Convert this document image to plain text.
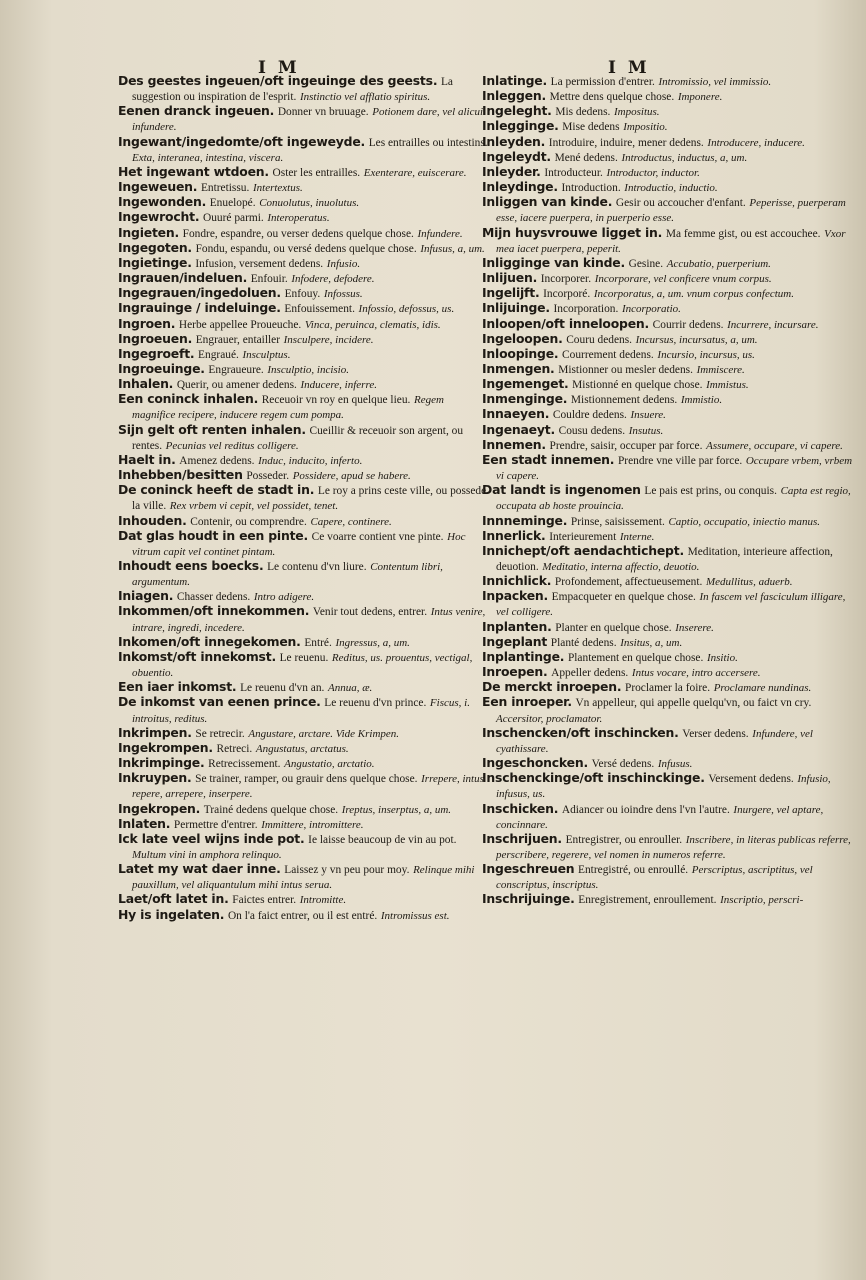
I M	I M

Des geestes ingeuen/oft ingeuinge des geests. La suggestion ou inspiration de l'esprit. Instinctio vel afflatio spiritus.

Eenen dranck ingeuen. Donner vn bruuage. Potionem dare, vel alicui infundere.

Ingewant/ingedomte/oft ingeweyde. Les entrailles ou intestins. Exta, interanea, intestina, viscera.

Het ingewant wtdoen. Oster les entrailles. Exenterare, euiscerare.

Ingeweuen. Entretissu. Intertextus.

Ingewonden. Enuelopé. Conuolutus, inuolutus.

Ingewrocht. Ouuré parmi. Interoperatus.

Ingieten. Fondre, espandre, ou verser dedens quelque chose. Infundere.

Ingegoten. Fondu, espandu, ou versé dedens quelque chose. Infusus, a, um.

Ingietinge. Infusion, versement dedens. Infusio.

Ingrauen/indeluen. Enfouir. Infodere, defodere.

Ingegrauen/ingedoluen. Enfouy. Infossus.

Ingrauinge / indeluinge. Enfouissement. Infossio, defossus, us.

Ingroen. Herbe appellee Proueuche. Vinca, peruinca, clematis, idis.

Ingroeuen. Engrauer, entailler Insculpere, incidere.

Ingegroeft. Engraué. Insculptus.

Ingroeuinge. Engraueure. Insculptio, incisio.

Inhalen. Querir, ou amener dedens. Inducere, inferre.

Een coninck inhalen. Receuoir vn roy en quelque lieu. Regem magnifice recipere, inducere regem cum pompa.

Sijn gelt oft renten inhalen. Cueillir & receuoir son argent, ou rentes. Pecunias vel reditus colligere.

Haelt in. Amenez dedens. Induc, inducito, inferto.

Inhebben/besitten Posseder. Possidere, apud se habere.

De coninck heeft de stadt in. Le roy a prins ceste ville, ou possede la ville. Rex vrbem vi cepit, vel possidet, tenet.

Inhouden. Contenir, ou comprendre. Capere, continere.

Dat glas houdt in een pinte. Ce voarre contient vne pinte. Hoc vitrum capit vel continet pintam.

Inhoudt eens boecks. Le contenu d'vn liure. Contentum libri, argumentum.

Iniagen. Chasser dedens. Intro adigere.

Inkommen/oft innekommen. Venir tout dedens, entrer. Intus venire, intrare, ingredi, incedere.

Inkomen/oft innegekomen. Entré. Ingressus, a, um.

Inkomst/oft innekomst. Le reuenu. Reditus, us. prouentus, vectigal, obuentio.

Een iaer inkomst. Le reuenu d'vn an. Annua, æ.

De inkomst van eenen prince. Le reuenu d'vn prince. Fiscus, i. introitus, reditus.

Inkrimpen. Se retrecir. Angustare, arctare. Vide Krimpen.

Ingekrompen. Retreci. Angustatus, arctatus.

Inkrimpinge. Retrecissement. Angustatio, arctatio.

Inkruypen. Se trainer, ramper, ou grauir dens quelque chose. Irrepere, intus repere, arrepere, inserpere.

Ingekropen. Trainé dedens quelque chose. Ireptus, inserptus, a, um.

Inlaten. Permettre d'entrer. Immittere, intromittere.

Ick late veel wijns inde pot. Ie laisse beaucoup de vin au pot. Multum vini in amphora relinquo.

Latet my wat daer inne. Laissez y vn peu pour moy. Relinque mihi pauxillum, vel aliquantulum mihi intus serua.

Laet/oft latet in. Faictes entrer. Intromitte.

Hy is ingelaten. On l'a faict entrer, ou il est entré. Intromissus est.

Inlatinge. La permission d'entrer. Intromissio, vel immissio.

Inleggen. Mettre dens quelque chose. Imponere.

Ingeleght. Mis dedens. Impositus.

Inlegginge. Mise dedens Impositio.

Inleyden. Introduire, induire, mener dedens. Introducere, inducere.

Ingeleydt. Mené dedens. Introductus, inductus, a, um.

Inleyder. Introducteur. Introductor, inductor.

Inleydinge. Introduction. Introductio, inductio.

Inliggen van kinde. Gesir ou accoucher d'enfant. Peperisse, puerperam esse, iacere puerpera, in puerperio esse.

Mijn huysvrouwe ligget in. Ma femme gist, ou est accouchee. Vxor mea iacet puerpera, peperit.

Inligginge van kinde. Gesine. Accubatio, puerperium.

Inlijuen. Incorporer. Incorporare, vel conficere vnum corpus.

Ingelijft. Incorporé. Incorporatus, a, um. vnum corpus confectum.

Inlijuinge. Incorporation. Incorporatio.

Inloopen/oft inneloopen. Courrir dedens. Incurrere, incursare.

Ingeloopen. Couru dedens. Incursus, incursatus, a, um.

Inloopinge. Courrement dedens. Incursio, incursus, us.

Inmengen. Mistionner ou mesler dedens. Immiscere.

Ingemenget. Mistionné en quelque chose. Immistus.

Inmenginge. Mistionnement dedens. Immistio.

Innaeyen. Couldre dedens. Insuere.

Ingenaeyt. Cousu dedens. Insutus.

Innemen. Prendre, saisir, occuper par force. Assumere, occupare, vi capere.

Een stadt innemen. Prendre vne ville par force. Occupare vrbem, vrbem vi capere.

Dat landt is ingenomen Le pais est prins, ou conquis. Capta est regio, occupata ab hoste prouincia.

Innneminge. Prinse, saisissement. Captio, occupatio, iniectio manus.

Innerlick. Interieurement Interne.

Innichept/oft aendachtichept. Meditation, interieure affection, deuotion. Meditatio, interna affectio, deuotio.

Innichlick. Profondement, affectueusement. Medullitus, aduerb.

Inpacken. Empacqueter en quelque chose. In fascem vel fasciculum illigare, vel colligere.

Inplanten. Planter en quelque chose. Inserere.

Ingeplant Planté dedens. Insitus, a, um.

Inplantinge. Plantement en quelque chose. Insitio.

Inroepen. Appeller dedens. Intus vocare, intro accersere.

De merckt inroepen. Proclamer la foire. Proclamare nundinas.

Een inroeper. Vn appelleur, qui appelle quelqu'vn, ou faict vn cry. Accersitor, proclamator.

Inschencken/oft inschincken. Verser dedens. Infundere, vel cyathissare.

Ingeschoncken. Versé dedens. Infusus.

Inschenckinge/oft inschinckinge. Versement dedens. Infusio, infusus, us.

Inschicken. Adiancer ou ioindre dens l'vn l'autre. Inurgere, vel aptare, concinnare.

Inschrijuen. Entregistrer, ou enrouller. Inscribere, in literas publicas referre, perscribere, regerere, vel nomen in numeros referre.

Ingeschreuen Entregistré, ou enroullé. Perscriptus, ascriptitus, vel conscriptus, inscriptus.

Inschrijuinge. Enregistrement, enroullement. Inscriptio, perscri-
